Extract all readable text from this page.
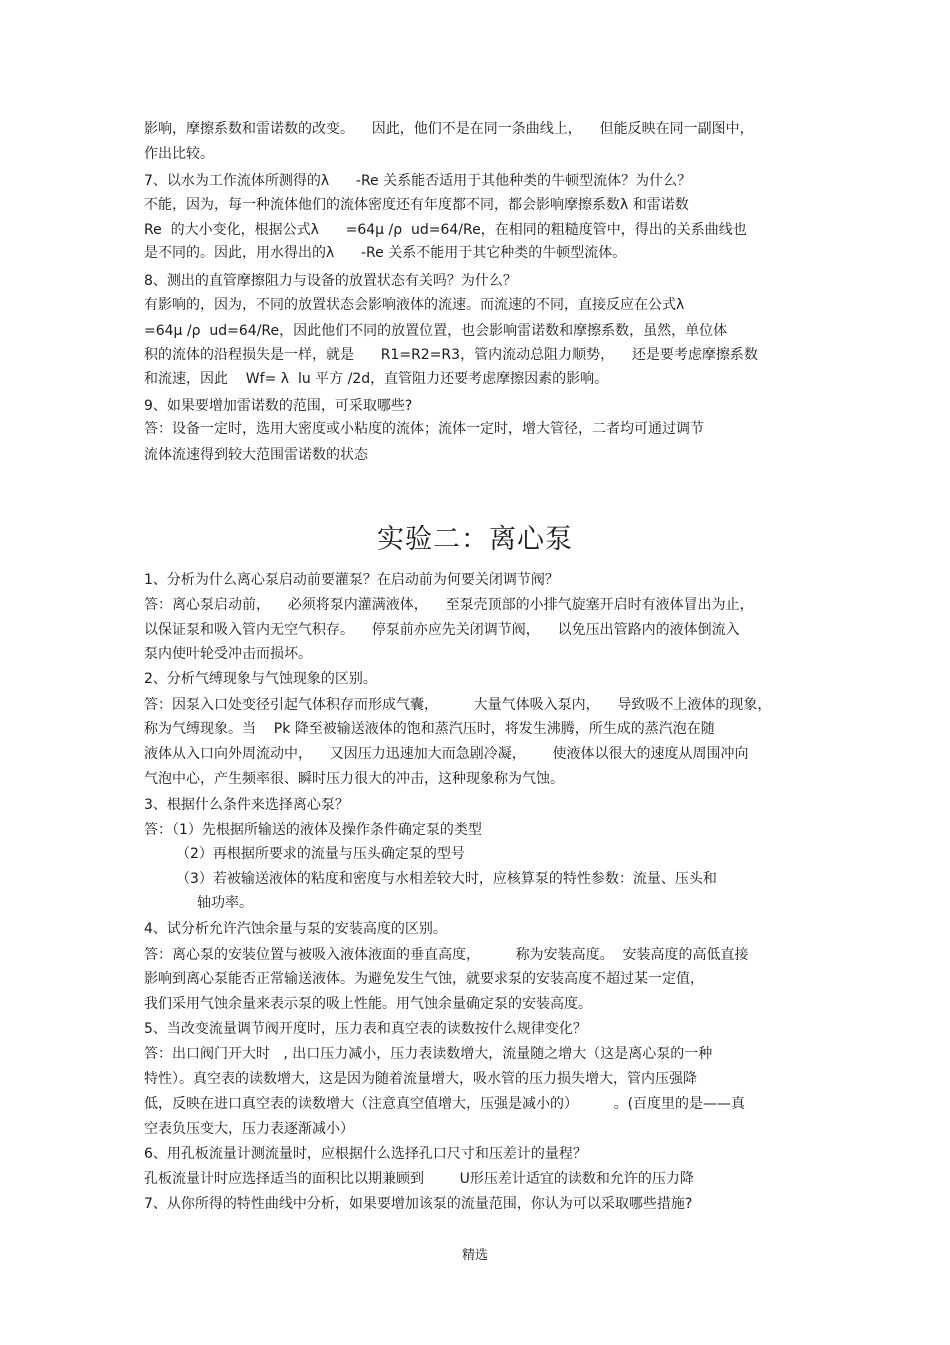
影响，摩擦系数和雷诺数的改变。    因此，他们不是在同一条曲线上，    但能反映在同一副图中，

作出比较。

7、以水为工作流体所测得的λ      -Re 关系能否适用于其他种类的牛顿型流体？为什么？

不能，因为，每一种流体他们的流体密度还有年度都不同，都会影响摩擦系数λ 和雷诺数

Re  的大小变化，根据公式λ      =64μ /ρ  ud=64/Re，在相同的粗糙度管中，得出的关系曲线也

是不同的。因此，用水得出的λ      -Re 关系不能用于其它种类的牛顿型流体。

8、测出的直管摩擦阻力与设备的放置状态有关吗？为什么？

有影响的，因为，不同的放置状态会影响液体的流速。而流速的不同，直接反应在公式λ

=64μ /ρ  ud=64/Re，因此他们不同的放置位置，也会影响雷诺数和摩擦系数，虽然，单位体

积的流体的沿程损失是一样，就是      R1=R2=R3，管内流动总阻力顺势，    还是要考虑摩擦系数

和流速，因此    Wf= λ  lu 平方 /2d，直管阻力还要考虑摩擦因素的影响。

9、如果要增加雷诺数的范围，可采取哪些?

答：设备一定时，选用大密度或小粘度的流体；流体一定时，增大管径，二者均可通过调节

流体流速得到较大范围雷诺数的状态

实验二：离心泵

1、分析为什么离心泵启动前要灌泵？在启动前为何要关闭调节阀？

答：离心泵启动前，    必须将泵内灌满液体，    至泵壳顶部的小排气旋塞开启时有液体冒出为止，

以保证泵和吸入管内无空气积存。    停泵前亦应先关闭调节阀，    以免压出管路内的液体倒流入

泵内使叶轮受冲击而损坏。

2、分析气缚现象与气蚀现象的区别。

答：因泵入口处变径引起气体积存而形成气囊，        大量气体吸入泵内，    导致吸不上液体的现象，

称为气缚现象。当    Pk 降至被输送液体的饱和蒸汽压时，将发生沸腾，所生成的蒸汽泡在随

液体从入口向外周流动中，    又因压力迅速加大而急剧冷凝，      使液体以很大的速度从周围冲向

气泡中心，产生频率很、瞬时压力很大的冲击，这种现象称为气蚀。

3、根据什么条件来选择离心泵？

答：（1）先根据所输送的液体及操作条件确定泵的类型

（2）再根据所要求的流量与压头确定泵的型号

（3）若被输送液体的粘度和密度与水相差较大时，应核算泵的特性参数：流量、压头和

轴功率。

4、试分析允许汽蚀余量与泵的安装高度的区别。

答：离心泵的安装位置与被吸入液体液面的垂直高度，        称为安装高度。  安装高度的高低直接

影响到离心泵能否正常输送液体。为避免发生气蚀，就要求泵的安装高度不超过某一定值，

我们采用气蚀余量来表示泵的吸上性能。用气蚀余量确定泵的安装高度。

5、当改变流量调节阀开度时，压力表和真空表的读数按什么规律变化？

答：出口阀门开大时   , 出口压力减小，压力表读数增大，流量随之增大（这是离心泵的一种

特性）。真空表的读数增大，这是因为随着流量增大，吸水管的压力损失增大，管内压强降

低，反映在进口真空表的读数增大（注意真空值增大，压强是减小的）        。(百度里的是——真

空表负压变大，压力表逐渐减小）

6、用孔板流量计测流量时，应根据什么选择孔口尺寸和压差计的量程？

孔板流量计时应选择适当的面积比以期兼顾到        U形压差计适宜的读数和允许的压力降

7、从你所得的特性曲线中分析，如果要增加该泵的流量范围，你认为可以采取哪些措施?

精选
